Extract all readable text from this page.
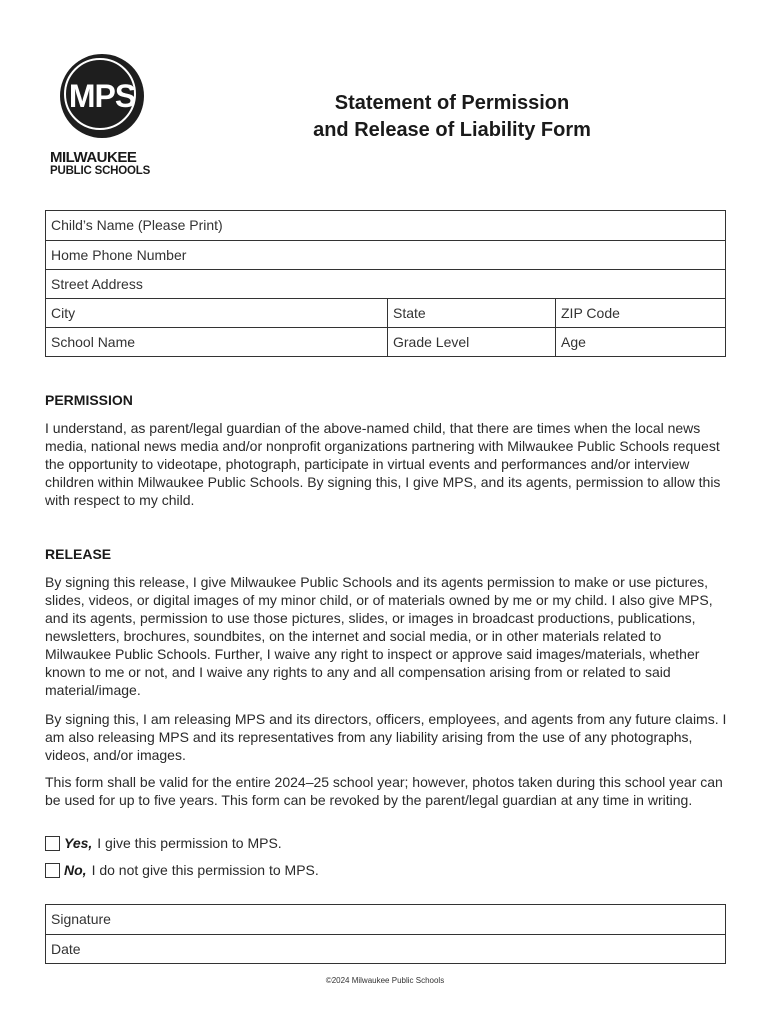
MPS
MILWAUKEE
PUBLIC SCHOOLS
Statement of Permission
and Release of Liability Form
Child’s Name (Please Print)
Home Phone Number
Street Address
City	State	ZIP Code
School Name	Grade Level	Age
PERMISSION

I understand, as parent/legal guardian of the above-named child, that there are times when the local news media, national news media and/or nonprofit organizations partnering with Milwaukee Public Schools request the opportunity to videotape, photograph, participate in virtual events and performances and/or interview children within Milwaukee Public Schools. By signing this, I give MPS, and its agents, permission to allow this with respect to my child.

RELEASE

By signing this release, I give Milwaukee Public Schools and its agents permission to make or use pictures, slides, videos, or digital images of my minor child, or of materials owned by me or my child. I also give MPS, and its agents, permission to use those pictures, slides, or images in broadcast productions, publications, newsletters, brochures, soundbites, on the internet and social media, or in other materials related to Milwaukee Public Schools. Further, I waive any right to inspect or approve said images/materials, whether known to me or not, and I waive any rights to any and all compensation arising from or related to said material/image.

By signing this, I am releasing MPS and its directors, officers, employees, and agents from any future claims. I am also releasing MPS and its representatives from any liability arising from the use of any photographs, videos, and/or images.

This form shall be valid for the entire 2024–25 school year; however, photos taken during this school year can be used for up to five years. This form can be revoked by the parent/legal guardian at any time in writing.

Yes, I give this permission to MPS.
No, I do not give this permission to MPS.
Signature
Date
©2024 Milwaukee Public Schools
